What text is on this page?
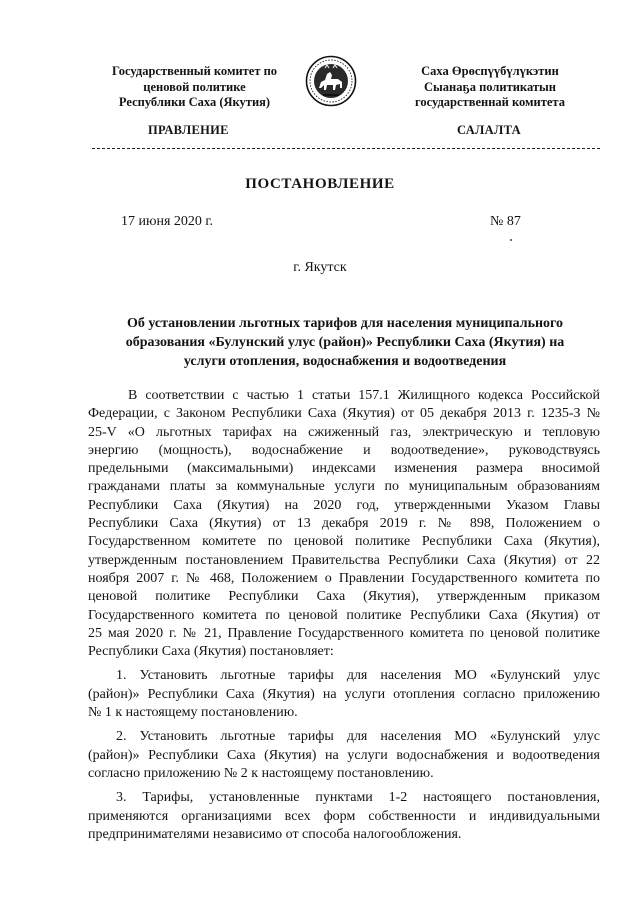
Государственный комитет по
ценовой политике
Республики Саха (Якутия)
Саха Өрөспүүбүлүкэтин
Сыанаҕа политикатын
государственнай комитета
ПРАВЛЕНИЕ	САЛАЛТА
ПОСТАНОВЛЕНИЕ
17 июня 2020 г.	№ 87
г. Якутск
Об установлении льготных тарифов для населения муниципального
образования «Булунский улус (район)» Республики Саха (Якутия) на
услуги отопления, водоснабжения и водоотведения
В соответствии с частью 1 статьи 157.1 Жилищного кодекса Российской
Федерации, с Законом Республики Саха (Якутия) от 05 декабря 2013 г. 1235-З №
25-V «О льготных тарифах на сжиженный газ, электрическую и тепловую
энергию (мощность), водоснабжение и водоотведение», руководствуясь
предельными (максимальными) индексами изменения размера вносимой
гражданами платы за коммунальные услуги по муниципальным образованиям
Республики Саха (Якутия) на 2020 год, утвержденными Указом Главы
Республики Саха (Якутия) от 13 декабря 2019 г. № 898, Положением о
Государственном комитете по ценовой политике Республики Саха (Якутия),
утвержденным постановлением Правительства Республики Саха (Якутия) от 22
ноября 2007 г. № 468, Положением о Правлении Государственного комитета по
ценовой политике Республики Саха (Якутия), утвержденным приказом
Государственного комитета по ценовой политике Республики Саха (Якутия) от
25 мая 2020 г. № 21, Правление Государственного комитета по ценовой политике
Республики Саха (Якутия) постановляет:
1. Установить льготные тарифы для населения МО «Булунский улус
(район)» Республики Саха (Якутия) на услуги отопления согласно приложению
№ 1 к настоящему постановлению.
2. Установить льготные тарифы для населения МО «Булунский улус
(район)» Республики Саха (Якутия) на услуги водоснабжения и водоотведения
согласно приложению № 2 к настоящему постановлению.
3. Тарифы, установленные пунктами 1-2 настоящего постановления,
применяются организациями всех форм собственности и индивидуальными
предпринимателями независимо от способа налогообложения.
